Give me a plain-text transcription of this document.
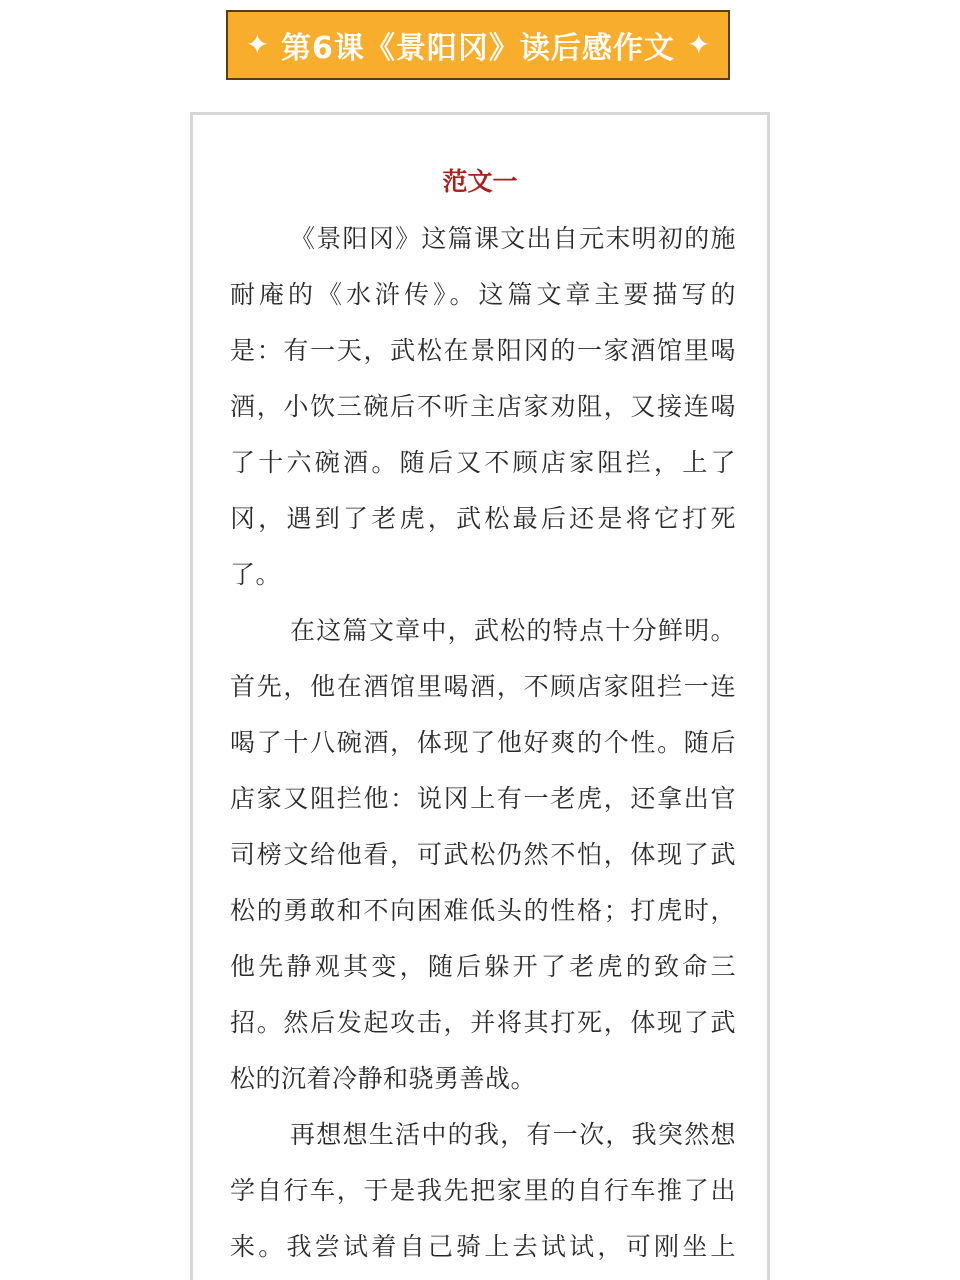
✦ 第6课《景阳冈》读后感作文 ✦
范文一

《景阳冈》这篇课文出自元末明初的施
耐庵的《水浒传》。这篇文章主要描写的
是：有一天，武松在景阳冈的一家酒馆里喝
酒，小饮三碗后不听主店家劝阻，又接连喝
了十六碗酒。随后又不顾店家阻拦，上了
冈，遇到了老虎，武松最后还是将它打死
了。

在这篇文章中，武松的特点十分鲜明。
首先，他在酒馆里喝酒，不顾店家阻拦一连
喝了十八碗酒，体现了他好爽的个性。随后
店家又阻拦他：说冈上有一老虎，还拿出官
司榜文给他看，可武松仍然不怕，体现了武
松的勇敢和不向困难低头的性格；打虎时，
他先静观其变，随后躲开了老虎的致命三
招。然后发起攻击，并将其打死，体现了武
松的沉着冷静和骁勇善战。

再想想生活中的我，有一次，我突然想
学自行车，于是我先把家里的自行车推了出
来。我尝试着自己骑上去试试，可刚坐上
